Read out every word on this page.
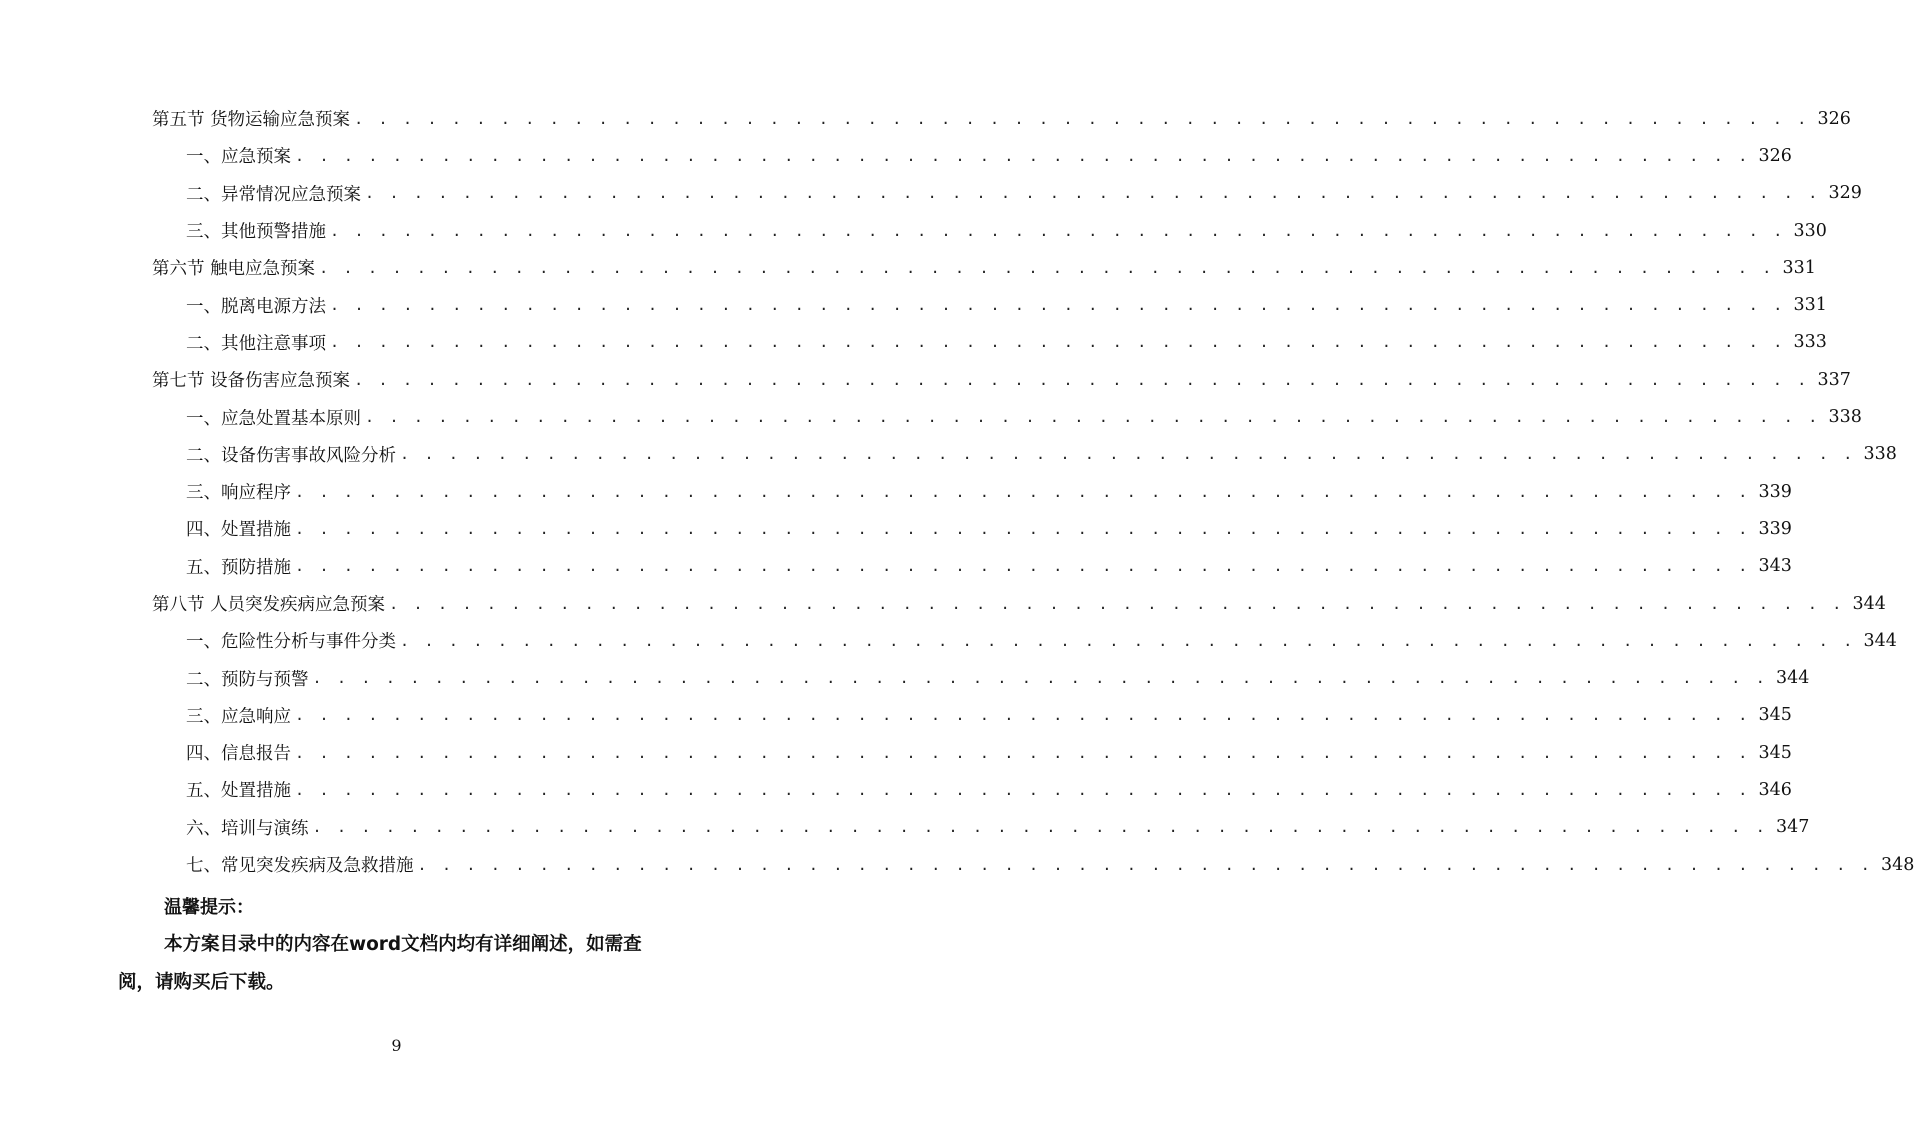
第五节 货物运输应急预案 . . . . . . . . . . . . . . . . . . . . . . . . . . . . . . . . . . . . . . . . . . . . . . . . . . . . . . . . . . . . 326
一、应急预案 . . . . . . . . . . . . . . . . . . . . . . . . . . . . . . . . . . . . . . . . . . . . . . . . . . . . . . . . . . . . 326
二、异常情况应急预案 . . . . . . . . . . . . . . . . . . . . . . . . . . . . . . . . . . . . . . . . . . . . . . . . . . . . . . . . . . . . 329
三、其他预警措施 . . . . . . . . . . . . . . . . . . . . . . . . . . . . . . . . . . . . . . . . . . . . . . . . . . . . . . . . . . . . 330
第六节 触电应急预案 . . . . . . . . . . . . . . . . . . . . . . . . . . . . . . . . . . . . . . . . . . . . . . . . . . . . . . . . . . . . 331
一、脱离电源方法 . . . . . . . . . . . . . . . . . . . . . . . . . . . . . . . . . . . . . . . . . . . . . . . . . . . . . . . . . . . . 331
二、其他注意事项 . . . . . . . . . . . . . . . . . . . . . . . . . . . . . . . . . . . . . . . . . . . . . . . . . . . . . . . . . . . . 333
第七节 设备伤害应急预案 . . . . . . . . . . . . . . . . . . . . . . . . . . . . . . . . . . . . . . . . . . . . . . . . . . . . . . . . . . . . 337
一、应急处置基本原则 . . . . . . . . . . . . . . . . . . . . . . . . . . . . . . . . . . . . . . . . . . . . . . . . . . . . . . . . . . . . 338
二、设备伤害事故风险分析 . . . . . . . . . . . . . . . . . . . . . . . . . . . . . . . . . . . . . . . . . . . . . . . . . . . . . . . . . . . . 338
三、响应程序 . . . . . . . . . . . . . . . . . . . . . . . . . . . . . . . . . . . . . . . . . . . . . . . . . . . . . . . . . . . . 339
四、处置措施 . . . . . . . . . . . . . . . . . . . . . . . . . . . . . . . . . . . . . . . . . . . . . . . . . . . . . . . . . . . . 339
五、预防措施 . . . . . . . . . . . . . . . . . . . . . . . . . . . . . . . . . . . . . . . . . . . . . . . . . . . . . . . . . . . . 343
第八节 人员突发疾病应急预案 . . . . . . . . . . . . . . . . . . . . . . . . . . . . . . . . . . . . . . . . . . . . . . . . . . . . . . . . . . . . 344
一、危险性分析与事件分类 . . . . . . . . . . . . . . . . . . . . . . . . . . . . . . . . . . . . . . . . . . . . . . . . . . . . . . . . . . . . 344
二、预防与预警 . . . . . . . . . . . . . . . . . . . . . . . . . . . . . . . . . . . . . . . . . . . . . . . . . . . . . . . . . . . . 344
三、应急响应 . . . . . . . . . . . . . . . . . . . . . . . . . . . . . . . . . . . . . . . . . . . . . . . . . . . . . . . . . . . . 345
四、信息报告 . . . . . . . . . . . . . . . . . . . . . . . . . . . . . . . . . . . . . . . . . . . . . . . . . . . . . . . . . . . . 345
五、处置措施 . . . . . . . . . . . . . . . . . . . . . . . . . . . . . . . . . . . . . . . . . . . . . . . . . . . . . . . . . . . . 346
六、培训与演练 . . . . . . . . . . . . . . . . . . . . . . . . . . . . . . . . . . . . . . . . . . . . . . . . . . . . . . . . . . . . 347
七、常见突发疾病及急救措施 . . . . . . . . . . . . . . . . . . . . . . . . . . . . . . . . . . . . . . . . . . . . . . . . . . . . . . . . . . . . 348
温馨提示：
本方案目录中的内容在word文档内均有详细阐述，如需查阅，请购买后下载。
9
